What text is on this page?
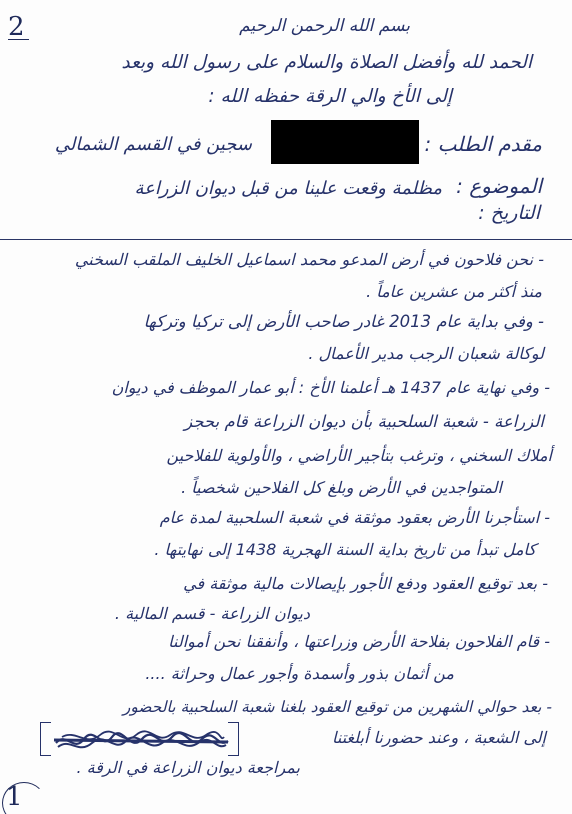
2	بسم الله الرحمن الرحيم
الحمد لله وأفضل الصلاة والسلام على رسول الله وبعد
إلى الأخ والي الرقة حفظه الله :
مقدم الطلب :
سجين في القسم الشمالي
الموضوع :
مظلمة وقعت علينا من قبل ديوان الزراعة
التاريخ :
- نحن فلاحون في أرض المدعو محمد اسماعيل الخليف الملقب السخني
منذ أكثر من عشرين عاماً .
- وفي بداية عام 2013 غادر صاحب الأرض إلى تركيا وتركها
لوكالة شعبان الرجب مدير الأعمال .
- وفي نهاية عام 1437 هـ أعلمنا الأخ : أبو عمار الموظف في ديوان
الزراعة - شعبة السلحبية بأن ديوان الزراعة قام بحجز
أملاك السخني ، وترغب بتأجير الأراضي ، والأولوية للفلاحين
المتواجدين في الأرض وبلغ كل الفلاحين شخصياً .
- استأجرنا الأرض بعقود موثقة في شعبة السلحبية لمدة عام
كامل تبدأ من تاريخ بداية السنة الهجرية 1438 إلى نهايتها .
- بعد توقيع العقود ودفع الأجور بإيصالات مالية موثقة في
ديوان الزراعة - قسم المالية .
- قام الفلاحون بفلاحة الأرض وزراعتها ، وأنفقنا نحن أموالنا
من أثمان بذور وأسمدة وأجور عمال وحراثة ....
- بعد حوالي الشهرين من توقيع العقود بلغنا شعبة السلحبية بالحضور
إلى الشعبة ، وعند حضورنا أبلغتنا
بمراجعة ديوان الزراعة في الرقة .
1
